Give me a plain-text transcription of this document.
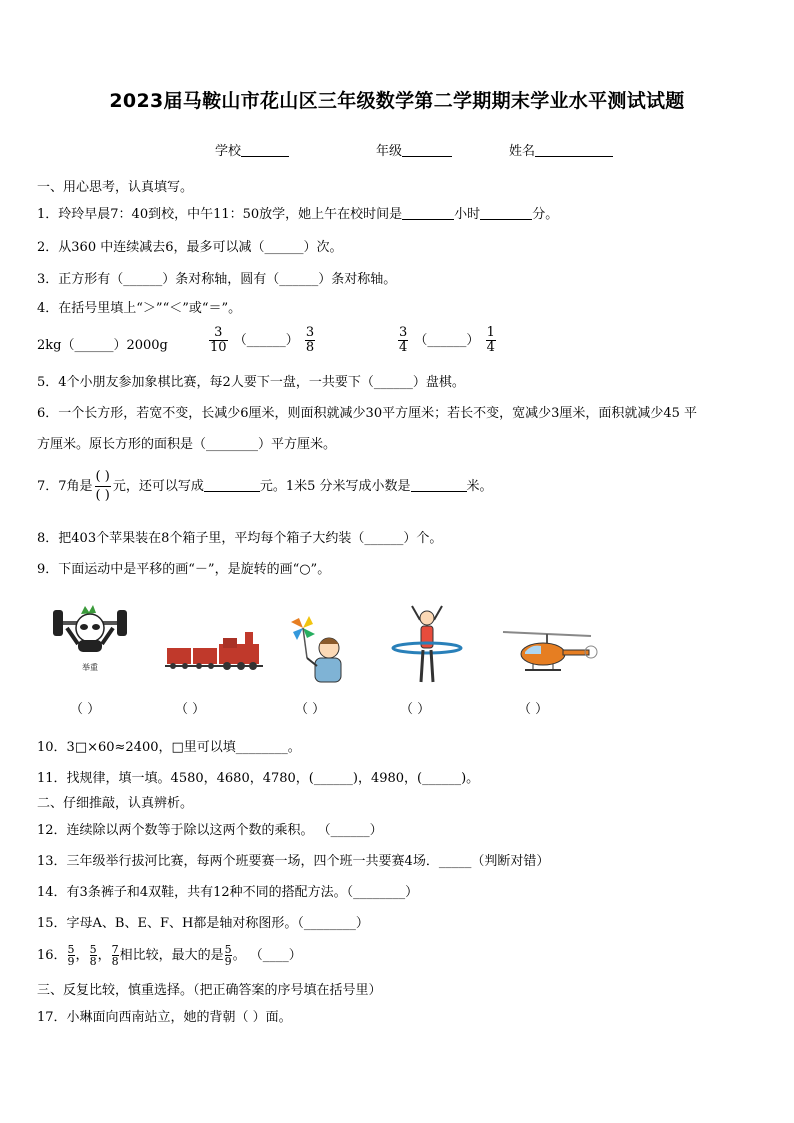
2023届马鞍山市花山区三年级数学第二学期期末学业水平测试试题
学校	年级	姓名
一、用心思考，认真填写。
1．玲玲早晨7：40到校，中午11：50放学，她上午在校时间是	小时	分。
2．从360 中连续减去6，最多可以减（______）次。
3．正方形有（______）条对称轴，圆有（______）条对称轴。
4．在括号里填上“＞”“＜”或“＝”。
2kg（______）2000g	$\frac{3}{10}$ （______） $\frac{3}{8}$	$\frac{3}{4}$ （______） $\frac{1}{4}$
5．4个小朋友参加象棋比赛，每2人要下一盘，一共要下（______）盘棋。
6．一个长方形，若宽不变，长减少6厘米，则面积就减少30平方厘米；若长不变，宽减少3厘米，面积就减少45 平
方厘米。原长方形的面积是（________）平方厘米。
7．7角是 $\frac{( )}{( )}$ 元，还可以写成	元。1米5 分米写成小数是	米。
8．把403个苹果装在8个箱子里，平均每个箱子大约装（______）个。
9．下面运动中是平移的画“－”，是旋转的画“○”。
举重
（ ）	（ ）	（ ）	（ ）	（ ）
10．3□×60≈2400，□里可以填________。
11．找规律，填一填。4580，4680，4780，(______)，4980，(______)。
二、仔细推敲，认真辨析。
12．连续除以两个数等于除以这两个数的乘积。 （______）
13．三年级举行拔河比赛，每两个班要赛一场，四个班一共要赛4场．_____（判断对错）
14．有3条裤子和4双鞋，共有12种不同的搭配方法。（________）
15．字母A、B、E、F、H都是轴对称图形。（________）
16． $\frac{5}{9}$ ， $\frac{5}{8}$ ， $\frac{7}{8}$ 相比较，最大的是 $\frac{5}{9}$ 。 （____）
三、反复比较，慎重选择。（把正确答案的序号填在括号里）
17．小琳面向西南站立，她的背朝（ ）面。
